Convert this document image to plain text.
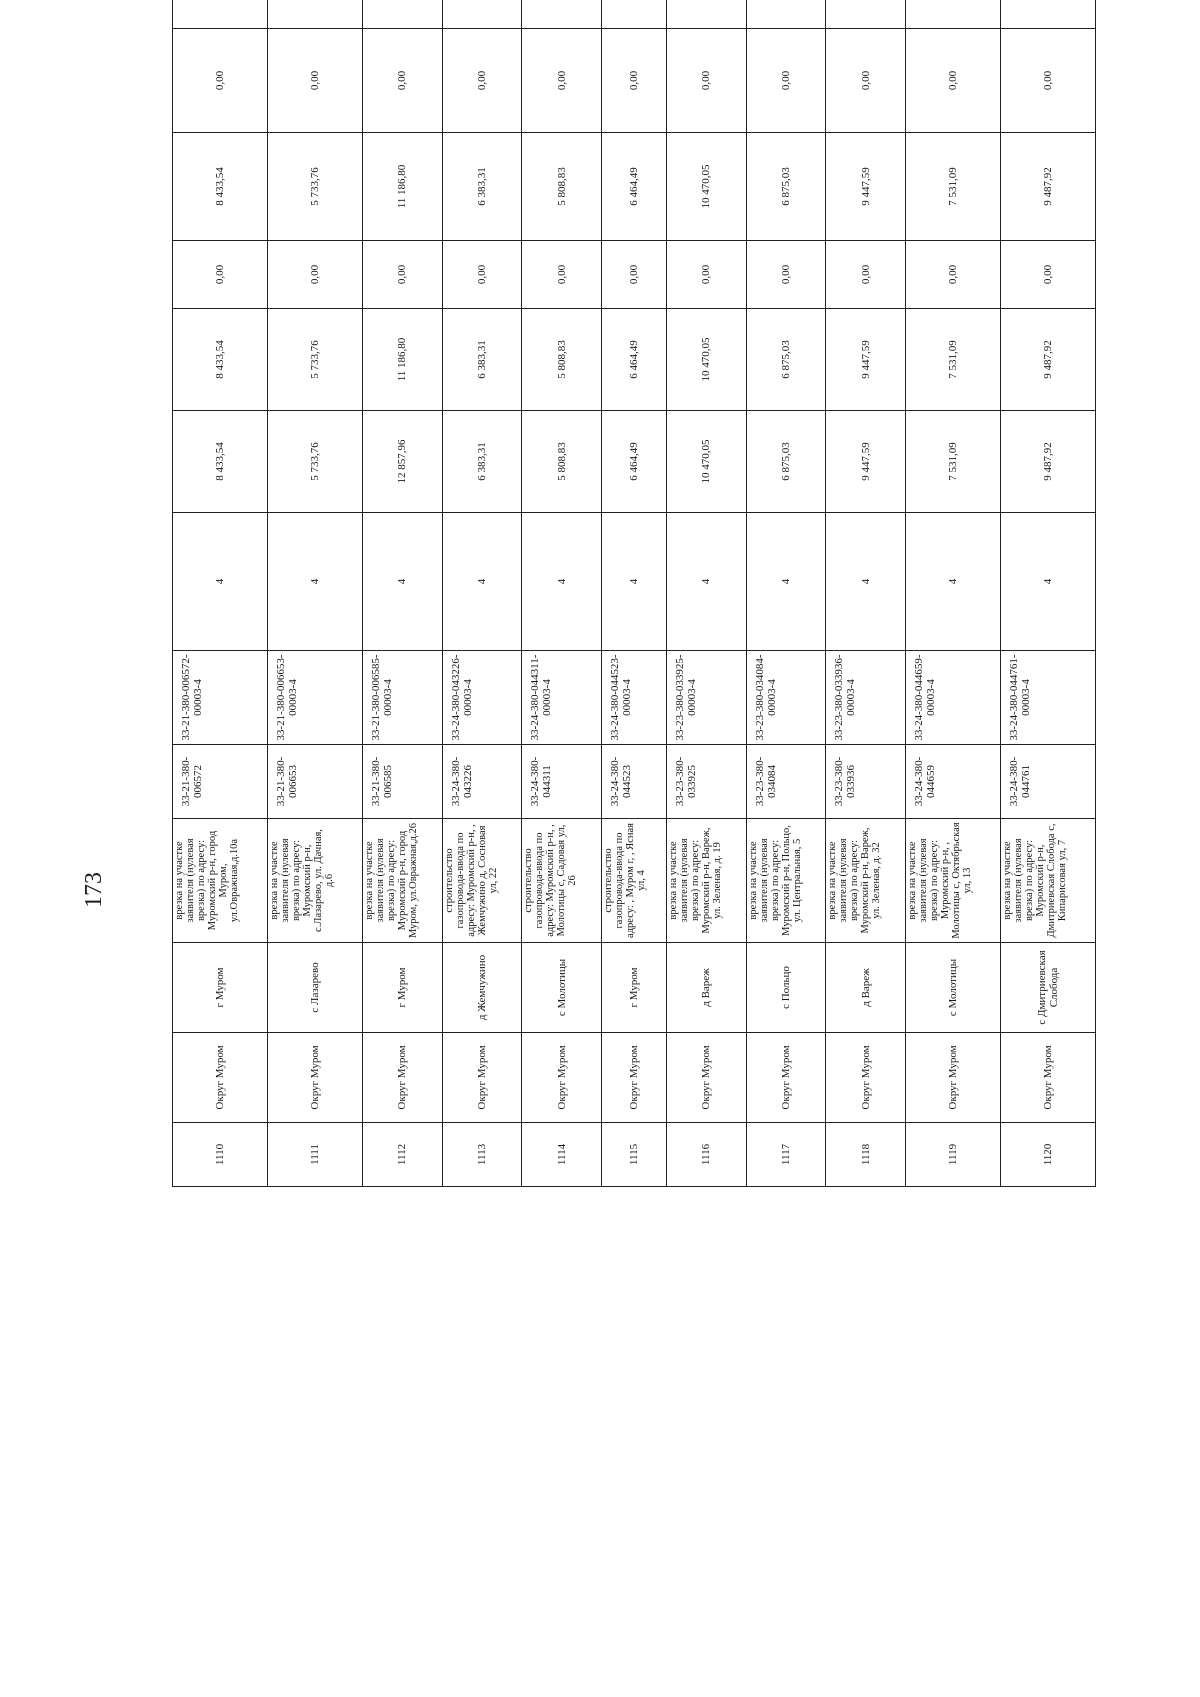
173
1110	Округ Муром	г Муром	врезка на участке заявителя (нулевая врезка) по адресу: Муромский р-н, город Муром, ул.Овражная,д.10а	33-21-380-006572	33-21-380-006572-00003-4	4	8 433,54	8 433,54	0,00	8 433,54	0,00	
1111	Округ Муром	с Лазарево	врезка на участке заявителя (нулевая врезка) по адресу: Муромский р-н, с.Лазарево, ул. Дачная, д.6	33-21-380-006653	33-21-380-006653-00003-4	4	5 733,76	5 733,76	0,00	5 733,76	0,00	
1112	Округ Муром	г Муром	врезка на участке заявителя (нулевая врезка) по адресу: Муромский р-н, город Муром, ул.Овражная,д.26	33-21-380-006585	33-21-380-006585-00003-4	4	12 857,96	11 186,80	0,00	11 186,80	0,00	
1113	Округ Муром	д Жемчужино	строительство газопровода-ввода по адресу: Муромский р-н, , Жемчужино д, Сосновая ул, 22	33-24-380-043226	33-24-380-043226-00003-4	4	6 383,31	6 383,31	0,00	6 383,31	0,00	
1114	Округ Муром	с Молотицы	строительство газопровода-ввода по адресу: Муромский р-н, , Молотицы с, Садовая ул, 26	33-24-380-044311	33-24-380-044311-00003-4	4	5 808,83	5 808,83	0,00	5 808,83	0,00	
1115	Округ Муром	г Муром	строительство газопровода-ввода по адресу: , Муром г, , Ясная ул, 4	33-24-380-044523	33-24-380-044523-00003-4	4	6 464,49	6 464,49	0,00	6 464,49	0,00	
1116	Округ Муром	д Вареж	врезка на участке заявителя (нулевая врезка) по адресу: Муромский р-н, Вареж, ул. Зеленая, д. 19	33-23-380-033925	33-23-380-033925-00003-4	4	10 470,05	10 470,05	0,00	10 470,05	0,00	
1117	Округ Муром	с Польцо	врезка на участке заявителя (нулевая врезка) по адресу: Муромский р-н, Польцо, ул. Центральная, 5	33-23-380-034084	33-23-380-034084-00003-4	4	6 875,03	6 875,03	0,00	6 875,03	0,00	
1118	Округ Муром	д Вареж	врезка на участке заявителя (нулевая врезка) по адресу: Муромский р-н, Вареж, ул. Зеленая, д. 32	33-23-380-033936	33-23-380-033936-00003-4	4	9 447,59	9 447,59	0,00	9 447,59	0,00	
1119	Округ Муром	с Молотицы	врезка на участке заявителя (нулевая врезка) по адресу: Муромский р-н, , Молотицы с, Октябрьская ул, 13	33-24-380-044659	33-24-380-044659-00003-4	4	7 531,09	7 531,09	0,00	7 531,09	0,00	
1120	Округ Муром	с Дмитриевская Слобода	врезка на участке заявителя (нулевая врезка) по адресу: Муромский р-н, Дмитриевская Слобода с, Кипарисовая ул, 7	33-24-380-044761	33-24-380-044761-00003-4	4	9 487,92	9 487,92	0,00	9 487,92	0,00	
